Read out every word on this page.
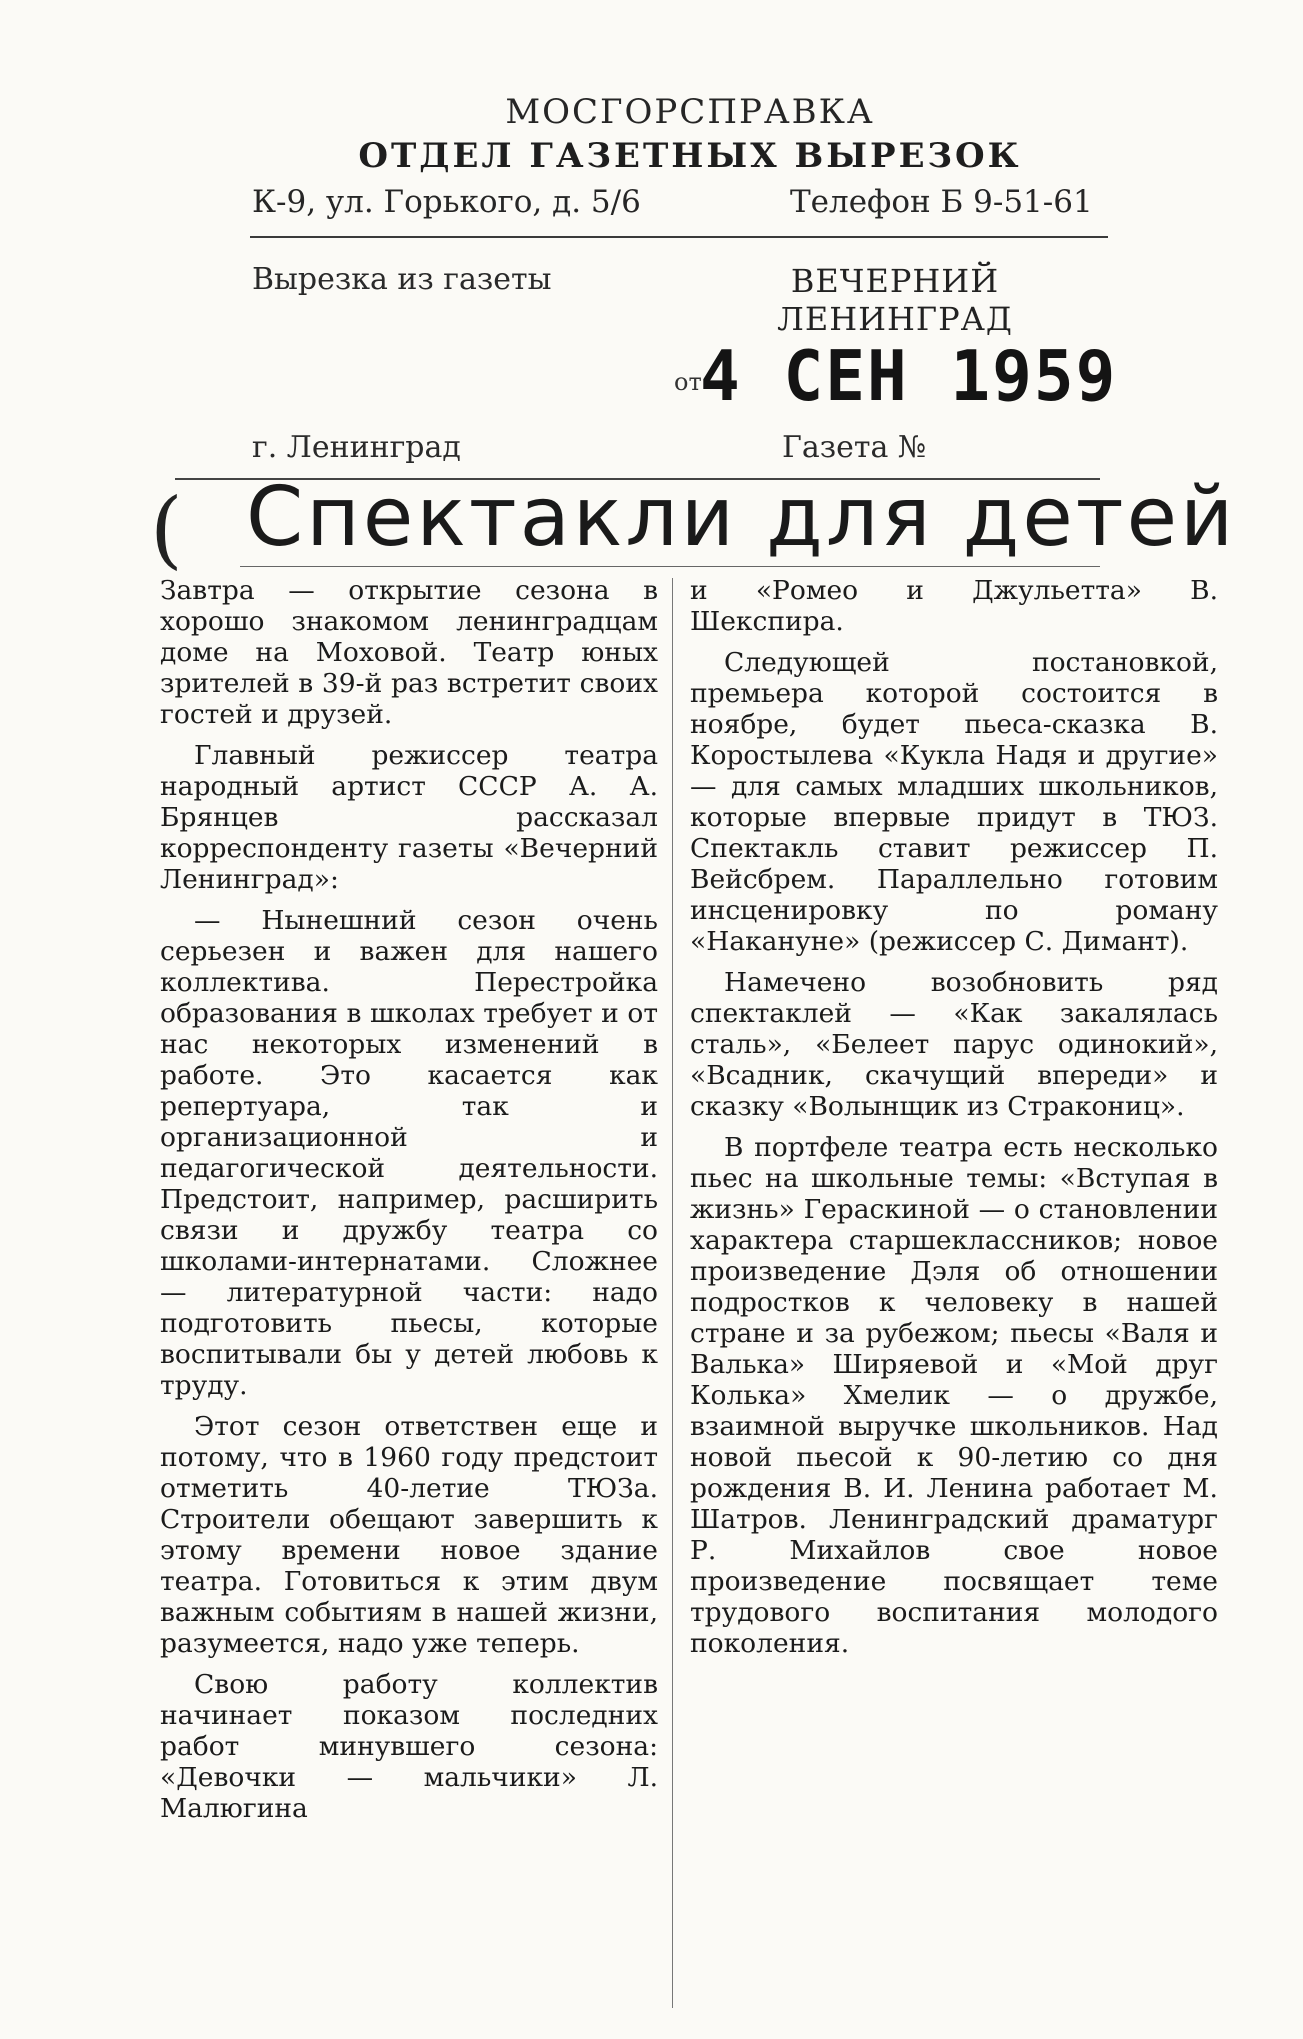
МОСГОРСПРАВКА
ОТДЕЛ ГАЗЕТНЫХ ВЫРЕЗОК
К-9, ул. Горького, д. 5/6	Телефон Б 9-51-61
Вырезка из газеты	ВЕЧЕРНИЙ
ЛЕНИНГРАД
от
4 СЕН 1959
г. Ленинград	Газета №
( Спектакли для детей

Завтра — открытие сезона в хорошо знакомом ленинградцам доме на Моховой. Театр юных зрителей в 39-й раз встретит своих гостей и друзей.

Главный режиссер театра народный артист СССР А. А. Брянцев рассказал корреспонденту газеты «Вечерний Ленинград»:

— Нынешний сезон очень серьезен и важен для нашего коллектива. Перестройка образования в школах требует и от нас некоторых изменений в работе. Это касается как репертуара, так и организационной и педагогической деятельности. Предстоит, например, расширить связи и дружбу театра со школами-интернатами. Сложнее — литературной части: надо подготовить пьесы, которые воспитывали бы у детей любовь к труду.

Этот сезон ответствен еще и потому, что в 1960 году предстоит отметить 40-летие ТЮЗа. Строители обещают завершить к этому времени новое здание театра. Готовиться к этим двум важным событиям в нашей жизни, разумеется, надо уже теперь.

Свою работу коллектив начинает показом последних работ минувшего сезона: «Девочки — мальчики» Л. Малюгина

и «Ромео и Джульетта» В. Шекспира.

Следующей постановкой, премьера которой состоится в ноябре, будет пьеса-сказка В. Коростылева «Кукла Надя и другие» — для самых младших школьников, которые впервые придут в ТЮЗ. Спектакль ставит режиссер П. Вейсбрем. Параллельно готовим инсценировку по роману «Накануне» (режиссер С. Димант).

Намечено возобновить ряд спектаклей — «Как закалялась сталь», «Белеет парус одинокий», «Всадник, скачущий впереди» и сказку «Волынщик из Стракониц».

В портфеле театра есть несколько пьес на школьные темы: «Вступая в жизнь» Гераскиной — о становлении характера старшеклассников; новое произведение Дэля об отношении подростков к человеку в нашей стране и за рубежом; пьесы «Валя и Валька» Ширяевой и «Мой друг Колька» Хмелик — о дружбе, взаимной выручке школьников. Над новой пьесой к 90-летию со дня рождения В. И. Ленина работает М. Шатров. Ленинградский драматург Р. Михайлов свое новое произведение посвящает теме трудового воспитания молодого поколения.
